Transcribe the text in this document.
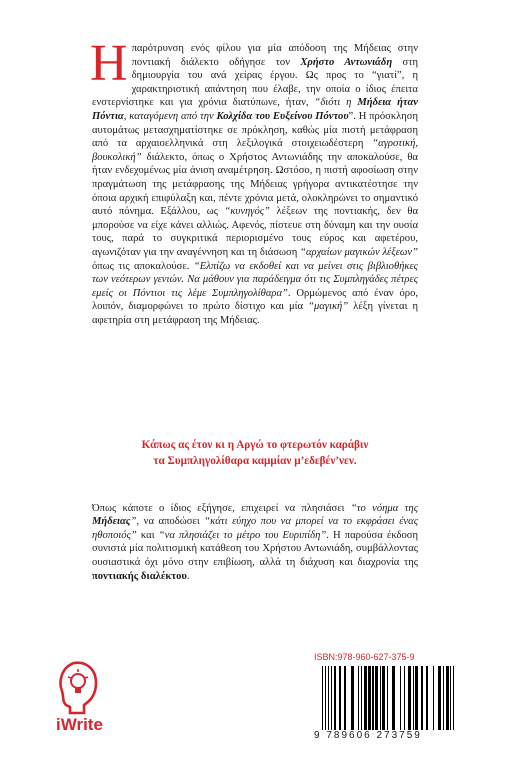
Η παρότρυνση ενός φίλου για μία απόδοση της Μήδειας στην ποντιακή διάλεκτο οδήγησε τον Χρήστο Αντωνιάδη στη δημιουργία του ανά χείρας έργου. Ως προς το “γιατί”, η χαρακτηριστική απάντηση που έλαβε, την οποία ο ίδιος έπειτα ενστερνίστηκε και για χρόνια διατύπωνε, ήταν, “διότι η Μήδεια ήταν Πόντια, καταγόμενη από την Κολχίδα του Ευξείνου Πόντου”. Η πρόσκληση αυτομάτως μετασχηματίστηκε σε πρόκληση, καθώς μία πιστή μετάφραση από τα αρχαιοελληνικά στη λεξιλογικά στοιχειωδέστερη “αγροτική, βουκολική” διάλεκτο, όπως ο Χρήστος Αντωνιάδης την αποκαλούσε, θα ήταν ενδεχομένως μία άνιση αναμέτρηση. Ωστόσο, η πιστή αφοσίωση στην πραγμάτωση της μετάφρασης της Μήδειας γρήγορα αντικατέστησε την όποια αρχική επιφύλαξη και, πέντε χρόνια μετά, ολοκληρώνει το σημαντικό αυτό πόνημα. Εξάλλου, ως “κυνηγός” λέξεων της ποντιακής, δεν θα μπορούσε να είχε κάνει αλλιώς. Αφενός, πίστευε στη δύναμη και την ουσία τους, παρά το συγκριτικά περιορισμένο τους εύρος και αφετέρου, αγωνιζόταν για την αναγέννηση και τη διάσωση “αρχαίων μαγικών λέξεων” όπως τις αποκαλούσε. “Ελπίζω να εκδοθεί και να μείνει στις βιβλιοθήκες των νεότερων γενιών. Να μάθουν για παράδειγμα ότι τις Συμπληγάδες πέτρες εμείς οι Πόντιοι τις λέμε Συμπληγολίθαρα”. Ορμώμενος από έναν όρο, λοιπόν, διαμορφώνει το πρώτο δίστιχο και μία “μαγική” λέξη γίνεται η αφετηρία στη μετάφραση της Μήδειας.

Κάπως ας έτον κι η Αργώ το φτερωτόν καράβιν
τα Συμπληγολίθαρα καμμίαν μ’εδεβέν’νεν.

Όπως κάποτε ο ίδιος εξήγησε, επιχειρεί να πλησιάσει “το νόημα της Μήδειας”, να αποδώσει “κάτι εύηχο που να μπορεί να το εκφράσει ένας ηθοποιός” και “να πλησιάζει το μέτρο του Ευριπίδη”. Η παρούσα έκδοση συνιστά μία πολιτισμική κατάθεση του Χρήστου Αντωνιάδη, συμβάλλοντας ουσιαστικά όχι μόνο στην επιβίωση, αλλά τη διάχυση και διαχρονία της ποντιακής διαλέκτου.

iWrite
ISBN:978-960-627-375-9
9 789606 273759
